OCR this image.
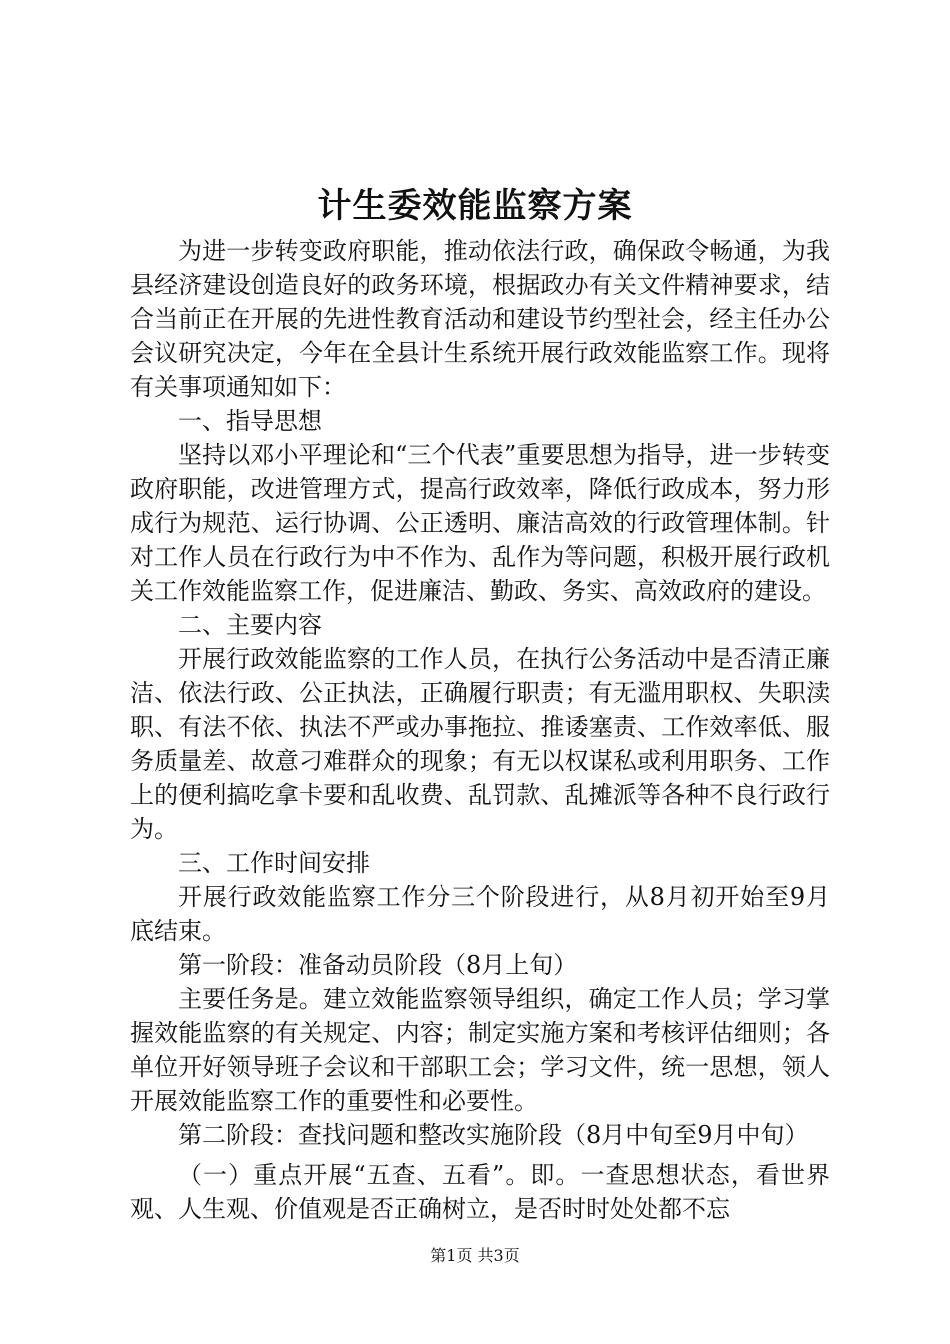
计生委效能监察方案

为进一步转变政府职能，推动依法行政，确保政令畅通，为我县经济建设创造良好的政务环境，根据政办有关文件精神要求，结合当前正在开展的先进性教育活动和建设节约型社会，经主任办公会议研究决定，今年在全县计生系统开展行政效能监察工作。现将有关事项通知如下：

一、指导思想

坚持以邓小平理论和“三个代表”重要思想为指导，进一步转变政府职能，改进管理方式，提高行政效率，降低行政成本，努力形成行为规范、运行协调、公正透明、廉洁高效的行政管理体制。针对工作人员在行政行为中不作为、乱作为等问题，积极开展行政机关工作效能监察工作，促进廉洁、勤政、务实、高效政府的建设。

二、主要内容

开展行政效能监察的工作人员，在执行公务活动中是否清正廉洁、依法行政、公正执法，正确履行职责；有无滥用职权、失职渎职、有法不依、执法不严或办事拖拉、推诿塞责、工作效率低、服务质量差、故意刁难群众的现象；有无以权谋私或利用职务、工作上的便利搞吃拿卡要和乱收费、乱罚款、乱摊派等各种不良行政行为。

三、工作时间安排

开展行政效能监察工作分三个阶段进行，从8月初开始至9月底结束。

第一阶段：准备动员阶段（8月上旬）

主要任务是。建立效能监察领导组织，确定工作人员；学习掌握效能监察的有关规定、内容；制定实施方案和考核评估细则；各单位开好领导班子会议和干部职工会；学习文件，统一思想，领人开展效能监察工作的重要性和必要性。

第二阶段：查找问题和整改实施阶段（8月中旬至9月中旬）

（一）重点开展“五查、五看”。即。一查思想状态，看世界观、人生观、价值观是否正确树立，是否时时处处都不忘

第1页 共3页
